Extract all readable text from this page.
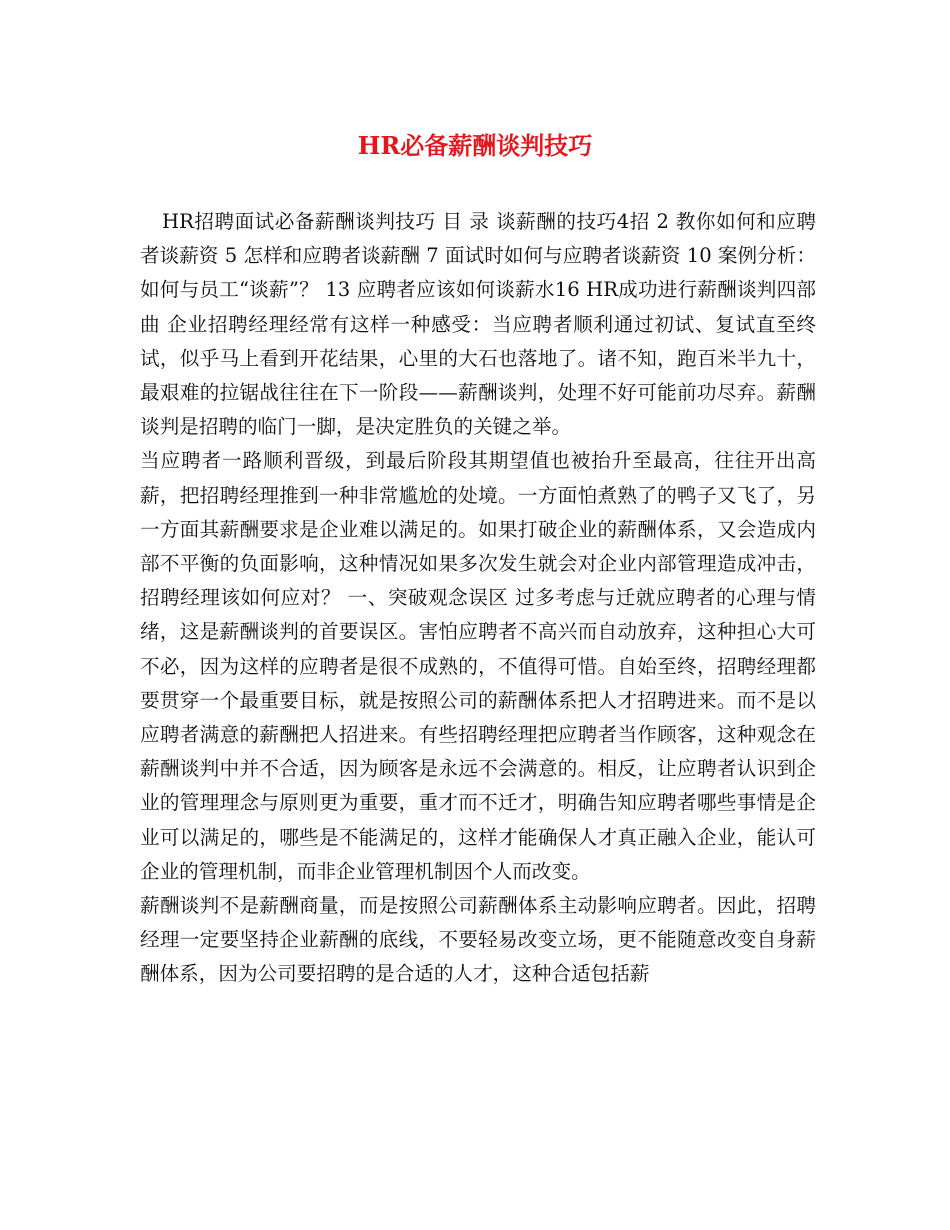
HR必备薪酬谈判技巧

HR招聘面试必备薪酬谈判技巧 目 录 谈薪酬的技巧4招 2 教你如何和应聘者谈薪资 5 怎样和应聘者谈薪酬 7 面试时如何与应聘者谈薪资 10 案例分析：如何与员工“谈薪”？ 13 应聘者应该如何谈薪水16 HR成功进行薪酬谈判四部曲 企业招聘经理经常有这样一种感受：当应聘者顺利通过初试、复试直至终试，似乎马上看到开花结果，心里的大石也落地了。诸不知，跑百米半九十，最艰难的拉锯战往往在下一阶段——薪酬谈判，处理不好可能前功尽弃。薪酬谈判是招聘的临门一脚，是决定胜负的关键之举。

当应聘者一路顺利晋级，到最后阶段其期望值也被抬升至最高，往往开出高薪，把招聘经理推到一种非常尴尬的处境。一方面怕煮熟了的鸭子又飞了，另一方面其薪酬要求是企业难以满足的。如果打破企业的薪酬体系，又会造成内部不平衡的负面影响，这种情况如果多次发生就会对企业内部管理造成冲击，招聘经理该如何应对？ 一、突破观念误区 过多考虑与迁就应聘者的心理与情绪，这是薪酬谈判的首要误区。害怕应聘者不高兴而自动放弃，这种担心大可不必，因为这样的应聘者是很不成熟的，不值得可惜。自始至终，招聘经理都要贯穿一个最重要目标，就是按照公司的薪酬体系把人才招聘进来。而不是以应聘者满意的薪酬把人招进来。有些招聘经理把应聘者当作顾客，这种观念在薪酬谈判中并不合适，因为顾客是永远不会满意的。相反，让应聘者认识到企业的管理理念与原则更为重要，重才而不迁才，明确告知应聘者哪些事情是企业可以满足的，哪些是不能满足的，这样才能确保人才真正融入企业，能认可企业的管理机制，而非企业管理机制因个人而改变。

薪酬谈判不是薪酬商量，而是按照公司薪酬体系主动影响应聘者。因此，招聘经理一定要坚持企业薪酬的底线，不要轻易改变立场，更不能随意改变自身薪酬体系，因为公司要招聘的是合适的人才，这种合适包括薪
